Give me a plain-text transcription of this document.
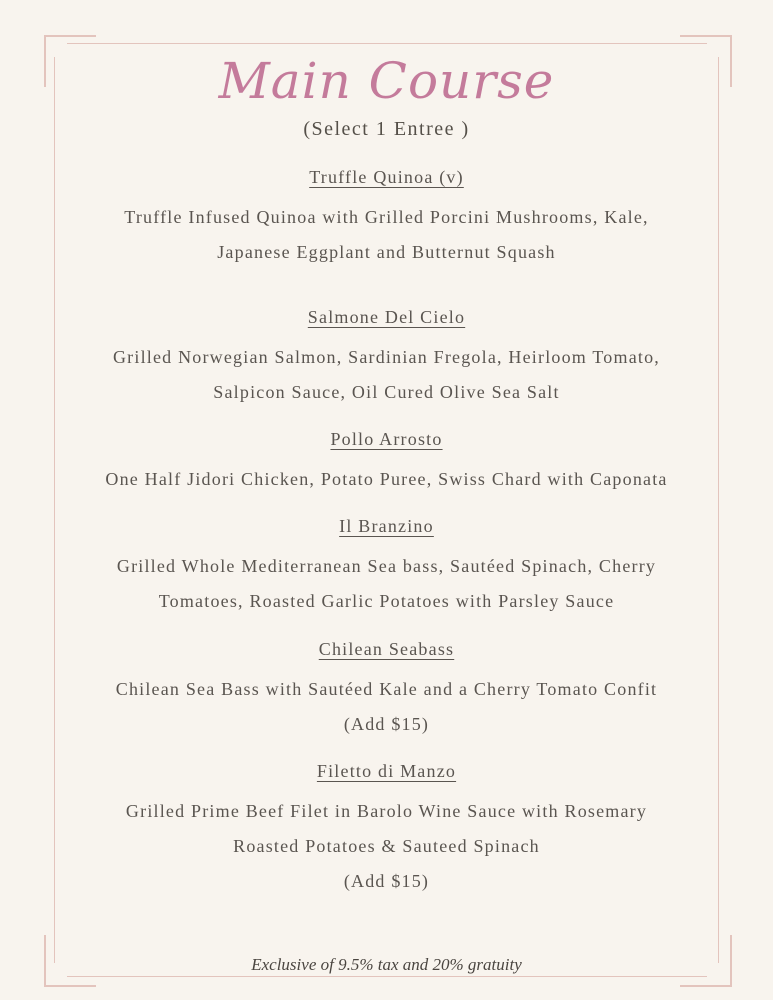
Main Course
(Select 1 Entree )

Truffle Quinoa (v)

Truffle Infused Quinoa with Grilled Porcini Mushrooms, Kale,
Japanese Eggplant and Butternut Squash

Salmone Del Cielo

Grilled Norwegian Salmon, Sardinian Fregola, Heirloom Tomato,
Salpicon Sauce, Oil Cured Olive Sea Salt

Pollo Arrosto

One Half Jidori Chicken, Potato Puree, Swiss Chard with Caponata

Il Branzino

Grilled Whole Mediterranean Sea bass, Sautéed Spinach, Cherry
Tomatoes, Roasted Garlic Potatoes with Parsley Sauce

Chilean Seabass

Chilean Sea Bass with Sautéed Kale and a Cherry Tomato Confit
(Add $15)

Filetto di Manzo

Grilled Prime Beef Filet in Barolo Wine Sauce with Rosemary
Roasted Potatoes & Sauteed Spinach
(Add $15)

Exclusive of 9.5% tax and 20% gratuity
